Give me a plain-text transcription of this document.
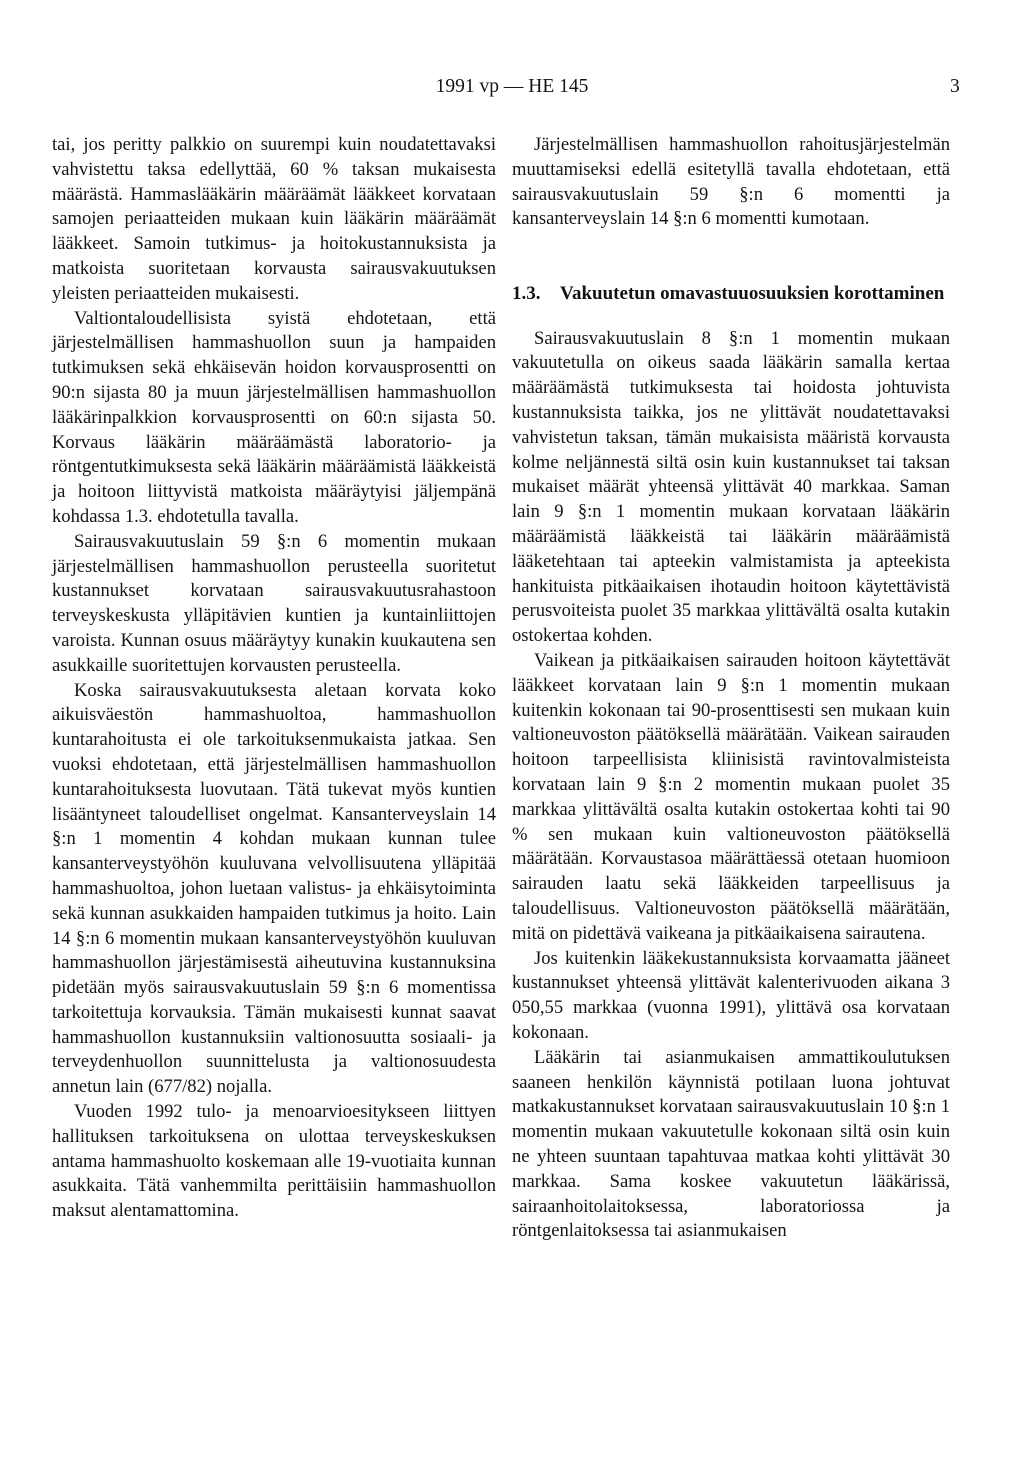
1991 vp — HE 145	3

tai, jos peritty palkkio on suurempi kuin noudatettavaksi vahvistettu taksa edellyttää, 60 % taksan mukaisesta määrästä. Hammaslääkärin määräämät lääkkeet korvataan samojen periaatteiden mukaan kuin lääkärin määräämät lääkkeet. Samoin tutkimus- ja hoitokustannuksista ja matkoista suoritetaan korvausta sairausvakuutuksen yleisten periaatteiden mukaisesti.

Valtiontaloudellisista syistä ehdotetaan, että järjestelmällisen hammashuollon suun ja hampaiden tutkimuksen sekä ehkäisevän hoidon korvausprosentti on 90:n sijasta 80 ja muun järjestelmällisen hammashuollon lääkärinpalkkion korvausprosentti on 60:n sijasta 50. Korvaus lääkärin määräämästä laboratorio- ja röntgentutkimuksesta sekä lääkärin määräämistä lääkkeistä ja hoitoon liittyvistä matkoista määräytyisi jäljempänä kohdassa 1.3. ehdotetulla tavalla.

Sairausvakuutuslain 59 §:n 6 momentin mukaan järjestelmällisen hammashuollon perusteella suoritetut kustannukset korvataan sairausvakuutusrahastoon terveyskeskusta ylläpitävien kuntien ja kuntainliittojen varoista. Kunnan osuus määräytyy kunakin kuukautena sen asukkaille suoritettujen korvausten perusteella.

Koska sairausvakuutuksesta aletaan korvata koko aikuisväestön hammashuoltoa, hammashuollon kuntarahoitusta ei ole tarkoituksenmukaista jatkaa. Sen vuoksi ehdotetaan, että järjestelmällisen hammashuollon kuntarahoituksesta luovutaan. Tätä tukevat myös kuntien lisääntyneet taloudelliset ongelmat. Kansanterveyslain 14 §:n 1 momentin 4 kohdan mukaan kunnan tulee kansanterveystyöhön kuuluvana velvollisuutena ylläpitää hammashuoltoa, johon luetaan valistus- ja ehkäisytoiminta sekä kunnan asukkaiden hampaiden tutkimus ja hoito. Lain 14 §:n 6 momentin mukaan kansanterveystyöhön kuuluvan hammashuollon järjestämisestä aiheutuvina kustannuksina pidetään myös sairausvakuutuslain 59 §:n 6 momentissa tarkoitettuja korvauksia. Tämän mukaisesti kunnat saavat hammashuollon kustannuksiin valtionosuutta sosiaali- ja terveydenhuollon suunnittelusta ja valtionosuudesta annetun lain (677/82) nojalla.

Vuoden 1992 tulo- ja menoarvioesitykseen liittyen hallituksen tarkoituksena on ulottaa terveyskeskuksen antama hammashuolto koskemaan alle 19-vuotiaita kunnan asukkaita. Tätä vanhemmilta perittäisiin hammashuollon maksut alentamattomina.

Järjestelmällisen hammashuollon rahoitusjärjestelmän muuttamiseksi edellä esitetyllä tavalla ehdotetaan, että sairausvakuutuslain 59 §:n 6 momentti ja kansanterveyslain 14 §:n 6 momentti kumotaan.

1.3.	Vakuutetun omavastuuosuuksien korottaminen

Sairausvakuutuslain 8 §:n 1 momentin mukaan vakuutetulla on oikeus saada lääkärin samalla kertaa määräämästä tutkimuksesta tai hoidosta johtuvista kustannuksista taikka, jos ne ylittävät noudatettavaksi vahvistetun taksan, tämän mukaisista määristä korvausta kolme neljännestä siltä osin kuin kustannukset tai taksan mukaiset määrät yhteensä ylittävät 40 markkaa. Saman lain 9 §:n 1 momentin mukaan korvataan lääkärin määräämistä lääkkeistä tai lääkärin määräämistä lääketehtaan tai apteekin valmistamista ja apteekista hankituista pitkäaikaisen ihotaudin hoitoon käytettävistä perusvoiteista puolet 35 markkaa ylittävältä osalta kutakin ostokertaa kohden.

Vaikean ja pitkäaikaisen sairauden hoitoon käytettävät lääkkeet korvataan lain 9 §:n 1 momentin mukaan kuitenkin kokonaan tai 90-prosenttisesti sen mukaan kuin valtioneuvoston päätöksellä määrätään. Vaikean sairauden hoitoon tarpeellisista kliinisistä ravintovalmisteista korvataan lain 9 §:n 2 momentin mukaan puolet 35 markkaa ylittävältä osalta kutakin ostokertaa kohti tai 90 % sen mukaan kuin valtioneuvoston päätöksellä määrätään. Korvaustasoa määrättäessä otetaan huomioon sairauden laatu sekä lääkkeiden tarpeellisuus ja taloudellisuus. Valtioneuvoston päätöksellä määrätään, mitä on pidettävä vaikeana ja pitkäaikaisena sairautena.

Jos kuitenkin lääkekustannuksista korvaamatta jääneet kustannukset yhteensä ylittävät kalenterivuoden aikana 3 050,55 markkaa (vuonna 1991), ylittävä osa korvataan kokonaan.

Lääkärin tai asianmukaisen ammattikoulutuksen saaneen henkilön käynnistä potilaan luona johtuvat matkakustannukset korvataan sairausvakuutuslain 10 §:n 1 momentin mukaan vakuutetulle kokonaan siltä osin kuin ne yhteen suuntaan tapahtuvaa matkaa kohti ylittävät 30 markkaa. Sama koskee vakuutetun lääkärissä, sairaanhoitolaitoksessa, laboratoriossa ja röntgenlaitoksessa tai asianmukaisen
